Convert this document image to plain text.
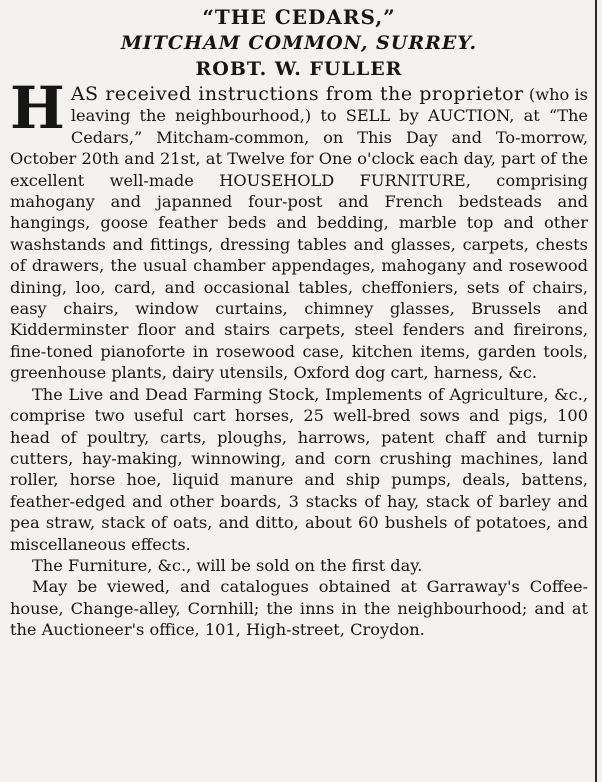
“THE CEDARS,”

MITCHAM COMMON, SURREY.

ROBT. W. FULLER

H AS received instructions from the proprietor (who is leaving the neighbourhood,) to SELL by AUCTION, at “The Cedars,” Mitcham-common, on This Day and To-morrow, October 20th and 21st, at Twelve for One o'clock each day, part of the excellent well-made HOUSEHOLD FURNITURE, comprising mahogany and japanned four-post and French bedsteads and hangings, goose feather beds and bedding, marble top and other washstands and fittings, dressing tables and glasses, carpets, chests of drawers, the usual chamber appendages, mahogany and rosewood dining, loo, card, and occasional tables, cheffoniers, sets of chairs, easy chairs, window curtains, chimney glasses, Brussels and Kidderminster floor and stairs carpets, steel fenders and fireirons, fine-toned pianoforte in rosewood case, kitchen items, garden tools, greenhouse plants, dairy utensils, Oxford dog cart, harness, &c.

The Live and Dead Farming Stock, Implements of Agriculture, &c., comprise two useful cart horses, 25 well-bred sows and pigs, 100 head of poultry, carts, ploughs, harrows, patent chaff and turnip cutters, hay-making, winnowing, and corn crushing machines, land roller, horse hoe, liquid manure and ship pumps, deals, battens, feather-edged and other boards, 3 stacks of hay, stack of barley and pea straw, stack of oats, and ditto, about 60 bushels of potatoes, and miscellaneous effects.

The Furniture, &c., will be sold on the first day.

May be viewed, and catalogues obtained at Garraway's Coffee-house, Change-alley, Cornhill; the inns in the neighbourhood; and at the Auctioneer's office, 101, High-street, Croydon.
